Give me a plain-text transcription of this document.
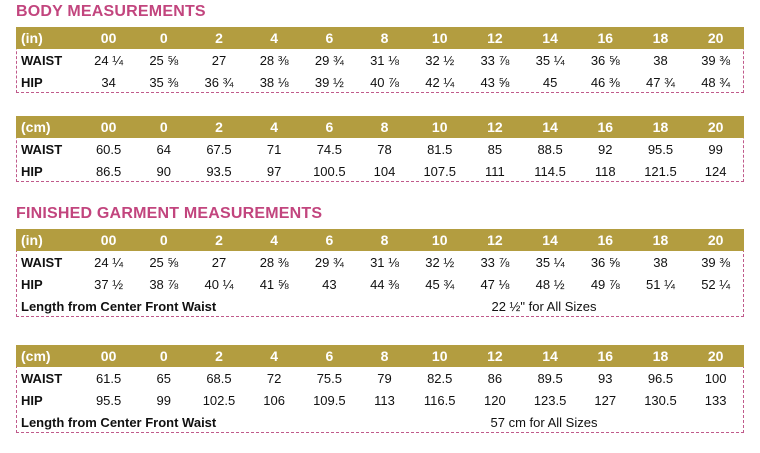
BODY MEASUREMENTS
(in)	00	0	2	4	6	8	10	12	14	16	18	20
WAIST	24 ¼	25 ⅝	27	28 ⅜	29 ¾	31 ⅛	32 ½	33 ⅞	35 ¼	36 ⅝	38	39 ⅜
HIP	34	35 ⅜	36 ¾	38 ⅛	39 ½	40 ⅞	42 ¼	43 ⅝	45	46 ⅜	47 ¾	48 ¾
(cm)	00	0	2	4	6	8	10	12	14	16	18	20
WAIST	60.5	64	67.5	71	74.5	78	81.5	85	88.5	92	95.5	99
HIP	86.5	90	93.5	97	100.5	104	107.5	111	114.5	118	121.5	124
FINISHED GARMENT MEASUREMENTS
(in)	00	0	2	4	6	8	10	12	14	16	18	20
WAIST	24 ¼	25 ⅝	27	28 ⅜	29 ¾	31 ⅛	32 ½	33 ⅞	35 ¼	36 ⅝	38	39 ⅜
HIP	37 ½	38 ⅞	40 ¼	41 ⅝	43	44 ⅜	45 ¾	47 ⅛	48 ½	49 ⅞	51 ¼	52 ¼
Length from Center Front Waist	22 ½" for All Sizes
(cm)	00	0	2	4	6	8	10	12	14	16	18	20
WAIST	61.5	65	68.5	72	75.5	79	82.5	86	89.5	93	96.5	100
HIP	95.5	99	102.5	106	109.5	113	116.5	120	123.5	127	130.5	133
Length from Center Front Waist	57 cm for All Sizes
